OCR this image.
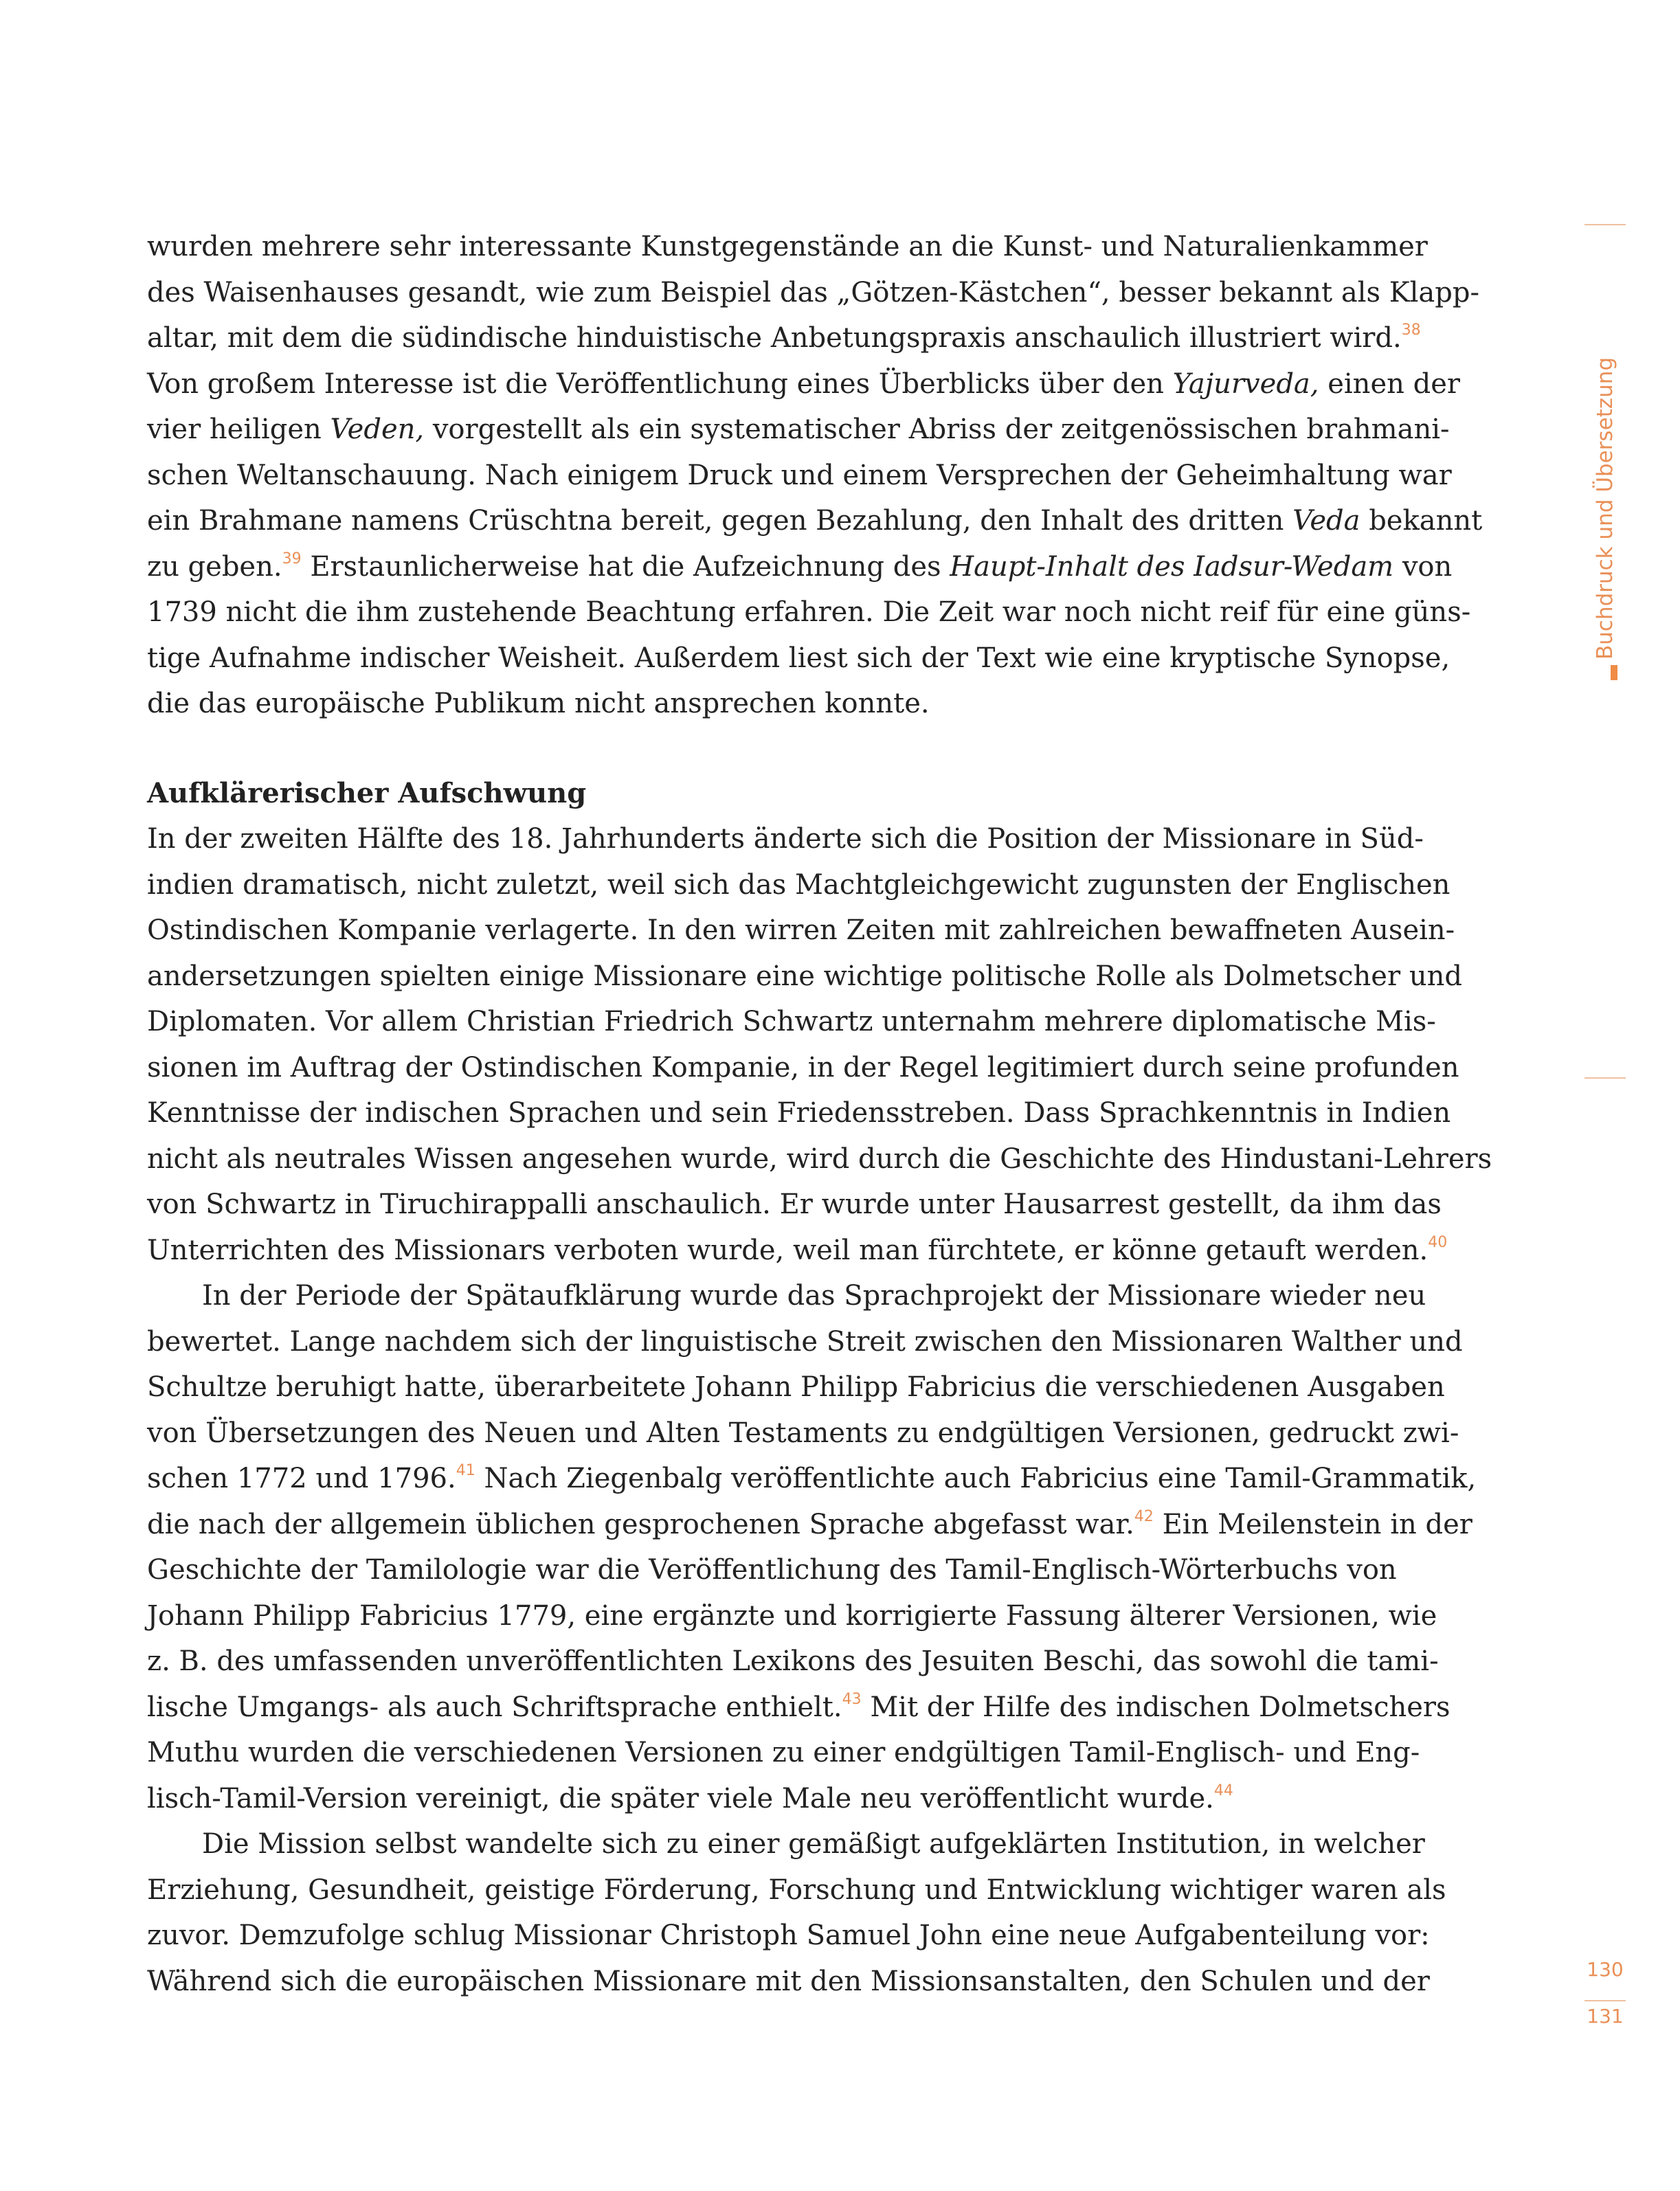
wurden mehrere sehr interessante Kunstgegenstände an die Kunst- und Naturalienkammer
des Waisenhauses gesandt, wie zum Beispiel das „Götzen-Kästchen“, besser bekannt als Klapp-
altar, mit dem die südindische hinduistische Anbetungspraxis anschaulich illustriert wird.$^{38}$
Von großem Interesse ist die Veröffentlichung eines Überblicks über den Yajurveda, einen der
vier heiligen Veden, vorgestellt als ein systematischer Abriss der zeitgenössischen brahmani-
schen Weltanschauung. Nach einigem Druck und einem Versprechen der Geheimhaltung war
ein Brahmane namens Crüschtna bereit, gegen Bezahlung, den Inhalt des dritten Veda bekannt
zu geben.$^{39}$ Erstaunlicherweise hat die Aufzeichnung des Haupt-Inhalt des Iadsur-Wedam von
1739 nicht die ihm zustehende Beachtung erfahren. Die Zeit war noch nicht reif für eine güns-
tige Aufnahme indischer Weisheit. Außerdem liest sich der Text wie eine kryptische Synopse,
die das europäische Publikum nicht ansprechen konnte.
Aufklärerischer Aufschwung
In der zweiten Hälfte des 18. Jahrhunderts änderte sich die Position der Missionare in Süd-
indien dramatisch, nicht zuletzt, weil sich das Machtgleichgewicht zugunsten der Englischen
Ostindischen Kompanie verlagerte. In den wirren Zeiten mit zahlreichen bewaffneten Ausein-
andersetzungen spielten einige Missionare eine wichtige politische Rolle als Dolmetscher und
Diplomaten. Vor allem Christian Friedrich Schwartz unternahm mehrere diplomatische Mis-
sionen im Auftrag der Ostindischen Kompanie, in der Regel legitimiert durch seine profunden
Kenntnisse der indischen Sprachen und sein Friedensstreben. Dass Sprachkenntnis in Indien
nicht als neutrales Wissen angesehen wurde, wird durch die Geschichte des Hindustani-Lehrers
von Schwartz in Tiruchirappalli anschaulich. Er wurde unter Hausarrest gestellt, da ihm das
Unterrichten des Missionars verboten wurde, weil man fürchtete, er könne getauft werden.$^{40}$
In der Periode der Spätaufklärung wurde das Sprachprojekt der Missionare wieder neu
bewertet. Lange nachdem sich der linguistische Streit zwischen den Missionaren Walther und
Schultze beruhigt hatte, überarbeitete Johann Philipp Fabricius die verschiedenen Ausgaben
von Übersetzungen des Neuen und Alten Testaments zu endgültigen Versionen, gedruckt zwi-
schen 1772 und 1796.41 Nach Ziegenbalg veröffentlichte auch Fabricius eine Tamil-Grammatik,
die nach der allgemein üblichen gesprochenen Sprache abgefasst war.$^{42}$ Ein Meilenstein in der
Geschichte der Tamilologie war die Veröffentlichung des Tamil-Englisch-Wörterbuchs von
Johann Philipp Fabricius 1779, eine ergänzte und korrigierte Fassung älterer Versionen, wie
z. B. des umfassenden unveröffentlichten Lexikons des Jesuiten Beschi, das sowohl die tami-
lische Umgangs- als auch Schriftsprache enthielt.$^{43}$ Mit der Hilfe des indischen Dolmetschers
Muthu wurden die verschiedenen Versionen zu einer endgültigen Tamil-Englisch- und Eng-
lisch-Tamil-Version vereinigt, die später viele Male neu veröffentlicht wurde.$^{44}$
Die Mission selbst wandelte sich zu einer gemäßigt aufgeklärten Institution, in welcher
Erziehung, Gesundheit, geistige Förderung, Forschung und Entwicklung wichtiger waren als
zuvor. Demzufolge schlug Missionar Christoph Samuel John eine neue Aufgabenteilung vor:
Während sich die europäischen Missionare mit den Missionsanstalten, den Schulen und der
Buchdruck und Übersetzung
130
131
